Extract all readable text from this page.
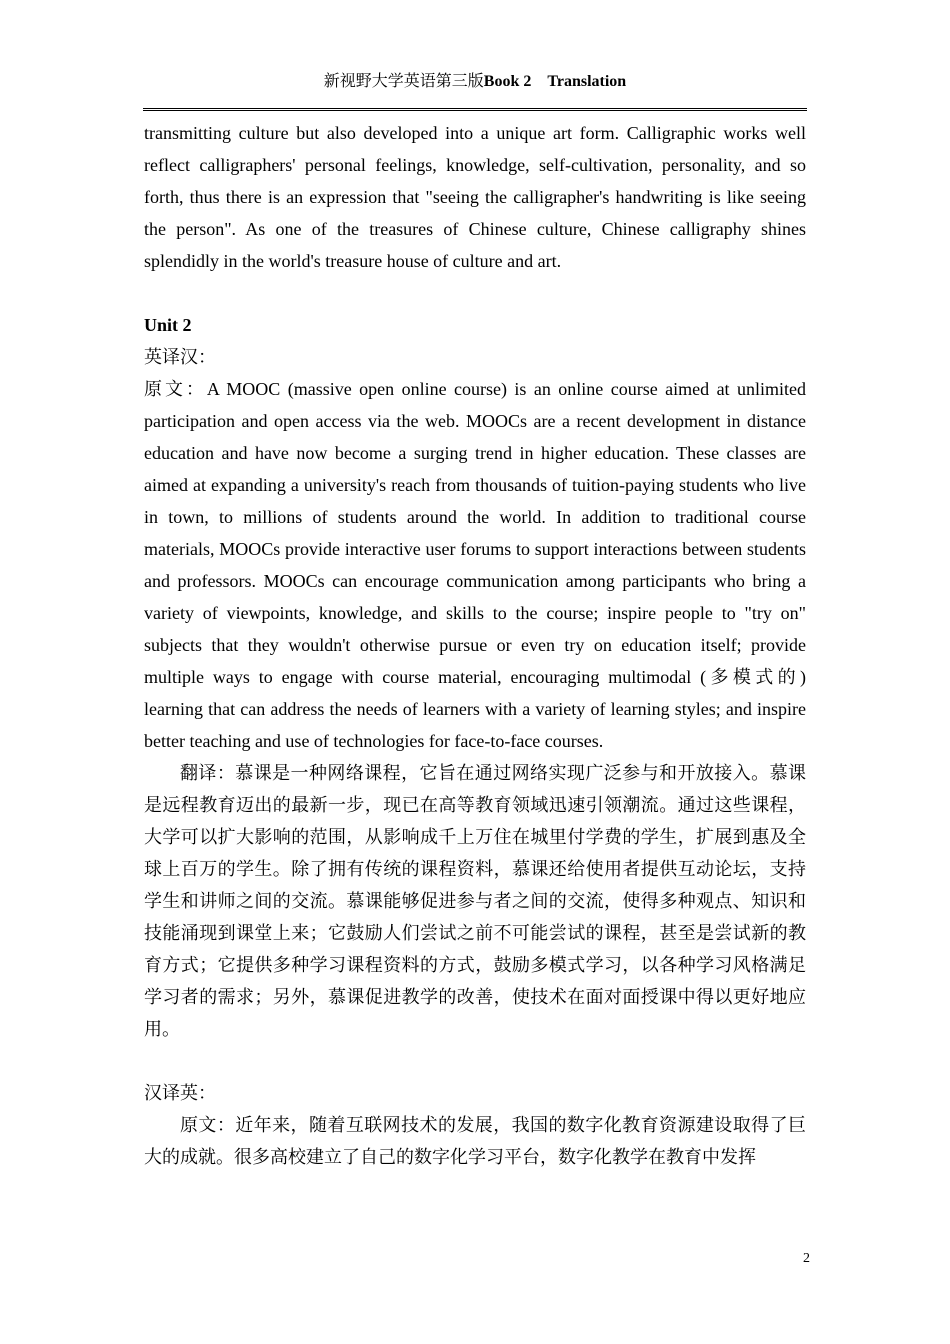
新视野大学英语第三版Book 2　Translation

transmitting culture but also developed into a unique art form. Calligraphic works well reflect calligraphers' personal feelings, knowledge, self-cultivation, personality, and so forth, thus there is an expression that "seeing the calligrapher's handwriting is like seeing the person". As one of the treasures of Chinese culture, Chinese calligraphy shines splendidly in the world's treasure house of culture and art.

Unit 2

英译汉：

原文：A MOOC (massive open online course) is an online course aimed at unlimited participation and open access via the web. MOOCs are a recent development in distance education and have now become a surging trend in higher education. These classes are aimed at expanding a university's reach from thousands of tuition-paying students who live in town, to millions of students around the world. In addition to traditional course materials, MOOCs provide interactive user forums to support interactions between students and professors. MOOCs can encourage communication among participants who bring a variety of viewpoints, knowledge, and skills to the course; inspire people to "try on" subjects that they wouldn't otherwise pursue or even try on education itself; provide multiple ways to engage with course material, encouraging multimodal (多模式的) learning that can address the needs of learners with a variety of learning styles; and inspire better teaching and use of technologies for face-to-face courses.

翻译：慕课是一种网络课程，它旨在通过网络实现广泛参与和开放接入。慕课是远程教育迈出的最新一步，现已在高等教育领域迅速引领潮流。通过这些课程，大学可以扩大影响的范围，从影响成千上万住在城里付学费的学生，扩展到惠及全球上百万的学生。除了拥有传统的课程资料，慕课还给使用者提供互动论坛，支持学生和讲师之间的交流。慕课能够促进参与者之间的交流，使得多种观点、知识和技能涌现到课堂上来；它鼓励人们尝试之前不可能尝试的课程，甚至是尝试新的教育方式；它提供多种学习课程资料的方式，鼓励多模式学习，以各种学习风格满足学习者的需求；另外，慕课促进教学的改善，使技术在面对面授课中得以更好地应用。

汉译英：

原文：近年来，随着互联网技术的发展，我国的数字化教育资源建设取得了巨大的成就。很多高校建立了自己的数字化学习平台，数字化教学在教育中发挥

2
